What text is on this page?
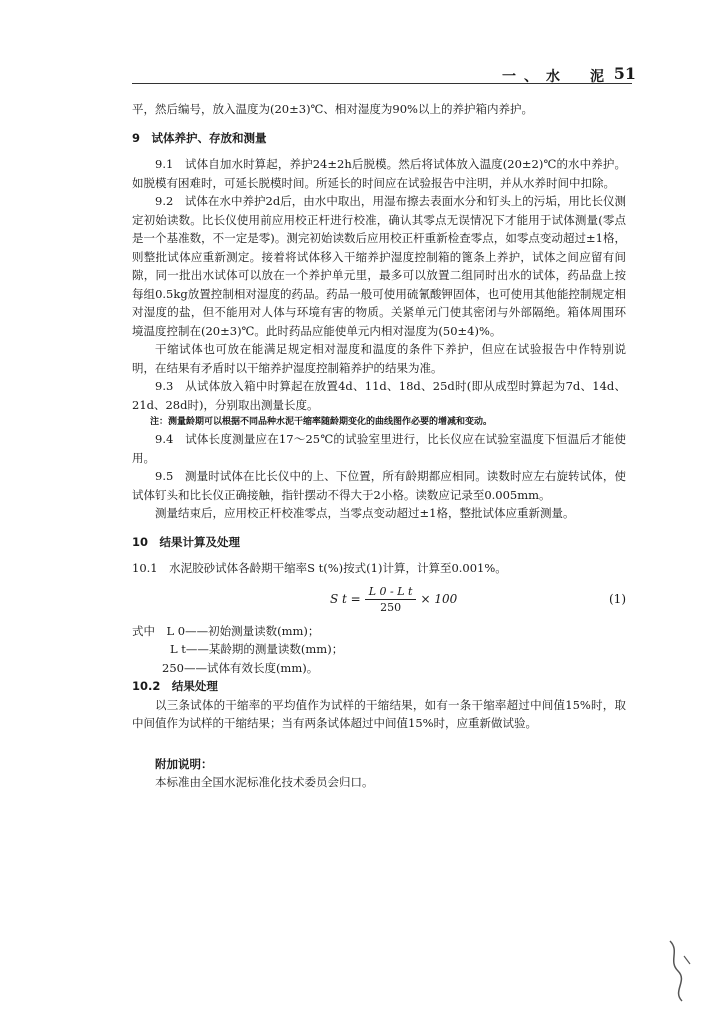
一、水　泥 51

平，然后编号，放入温度为(20±3)℃、相对湿度为90%以上的养护箱内养护。

9　试体养护、存放和测量

9.1　试体自加水时算起，养护24±2h后脱模。然后将试体放入温度(20±2)℃的水中养护。如脱模有困难时，可延长脱模时间。所延长的时间应在试验报告中注明，并从水养时间中扣除。

9.2　试体在水中养护2d后，由水中取出，用湿布擦去表面水分和钉头上的污垢，用比长仪测定初始读数。比长仪使用前应用校正杆进行校准，确认其零点无误情况下才能用于试体测量(零点是一个基准数，不一定是零)。测完初始读数后应用校正杆重新检查零点，如零点变动超过±1格，则整批试体应重新测定。接着将试体移入干缩养护湿度控制箱的篦条上养护，试体之间应留有间隙，同一批出水试体可以放在一个养护单元里，最多可以放置二组同时出水的试体，药品盘上按每组0.5kg放置控制相对湿度的药品。药品一般可使用硫氰酸钾固体，也可使用其他能控制规定相对湿度的盐，但不能用对人体与环境有害的物质。关紧单元门使其密闭与外部隔绝。箱体周围环境温度控制在(20±3)℃。此时药品应能使单元内相对湿度为(50±4)%。

干缩试体也可放在能满足规定相对湿度和温度的条件下养护，但应在试验报告中作特别说明，在结果有矛盾时以干缩养护湿度控制箱养护的结果为准。

9.3　从试体放入箱中时算起在放置4d、11d、18d、25d时(即从成型时算起为7d、14d、21d、28d时)，分别取出测量长度。

注：测量龄期可以根据不同品种水泥干缩率随龄期变化的曲线图作必要的增减和变动。

9.4　试体长度测量应在17～25℃的试验室里进行，比长仪应在试验室温度下恒温后才能使用。

9.5　测量时试体在比长仪中的上、下位置，所有龄期都应相同。读数时应左右旋转试体，使试体钉头和比长仪正确接触，指针摆动不得大于2小格。读数应记录至0.005mm。

测量结束后，应用校正杆校准零点，当零点变动超过±1格，整批试体应重新测量。

10　结果计算及处理

10.1　水泥胶砂试体各龄期干缩率S t(%)按式(1)计算，计算至0.001%。

S $t = \frac{\text{L 0 - L t}}{250} \times 100$	(1)

式中　L 0——初始测量读数(mm)；

L t——某龄期的测量读数(mm)；

250——试体有效长度(mm)。

10.2　结果处理

以三条试体的干缩率的平均值作为试样的干缩结果，如有一条干缩率超过中间值15%时，取中间值作为试样的干缩结果；当有两条试体超过中间值15%时，应重新做试验。

附加说明：

本标准由全国水泥标准化技术委员会归口。
